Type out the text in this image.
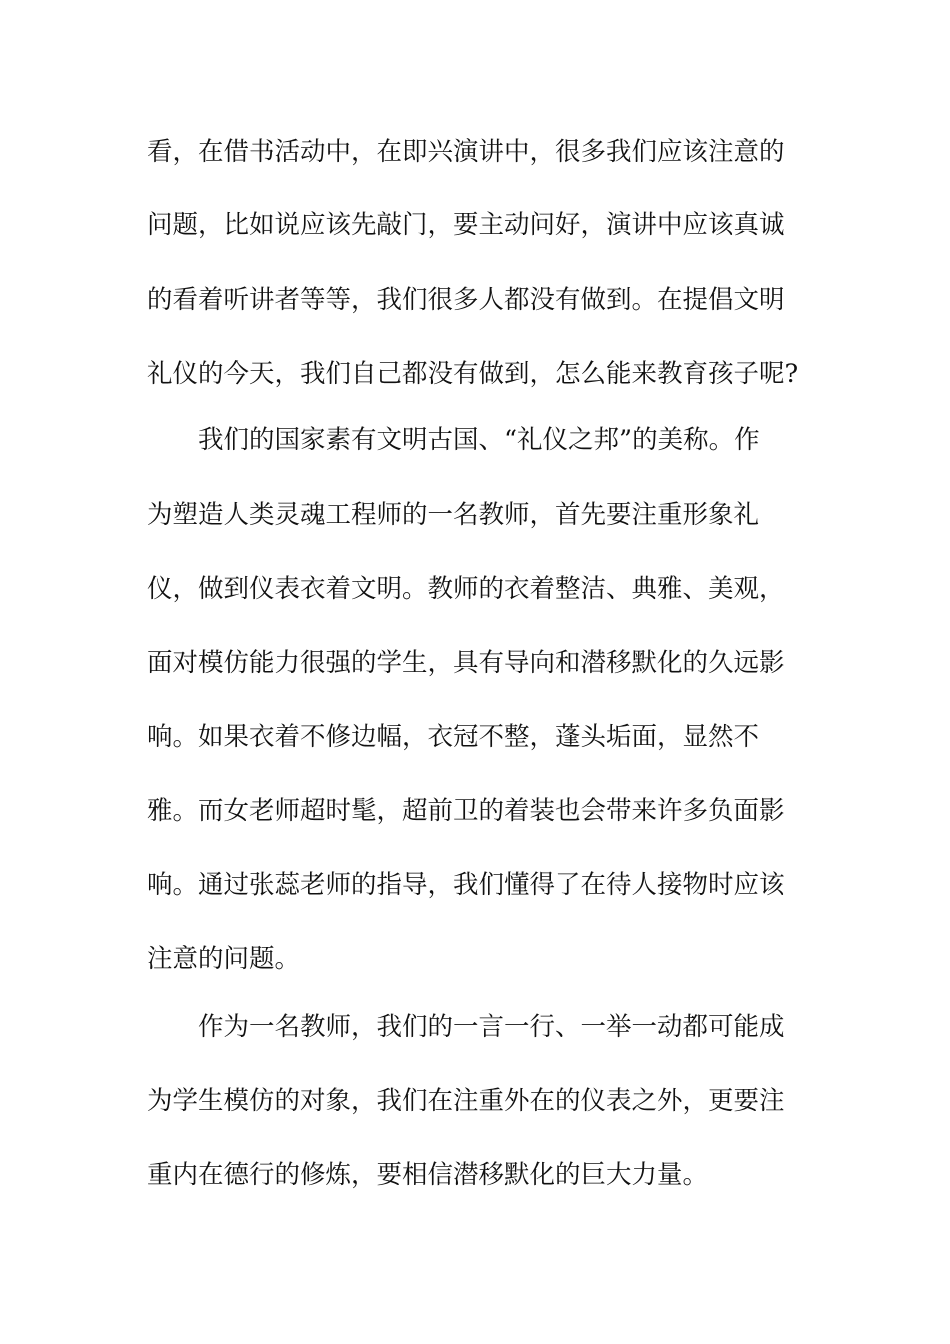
看，在借书活动中，在即兴演讲中，很多我们应该注意的
问题，比如说应该先敲门，要主动问好，演讲中应该真诚
的看着听讲者等等，我们很多人都没有做到。在提倡文明
礼仪的今天，我们自己都没有做到，怎么能来教育孩子呢?
我们的国家素有文明古国、“礼仪之邦”的美称。作
为塑造人类灵魂工程师的一名教师，首先要注重形象礼
仪，做到仪表衣着文明。教师的衣着整洁、典雅、美观，
面对模仿能力很强的学生，具有导向和潜移默化的久远影
响。如果衣着不修边幅，衣冠不整，蓬头垢面，显然不
雅。而女老师超时髦，超前卫的着装也会带来许多负面影
响。通过张蕊老师的指导，我们懂得了在待人接物时应该
注意的问题。
作为一名教师，我们的一言一行、一举一动都可能成
为学生模仿的对象，我们在注重外在的仪表之外，更要注
重内在德行的修炼，要相信潜移默化的巨大力量。
